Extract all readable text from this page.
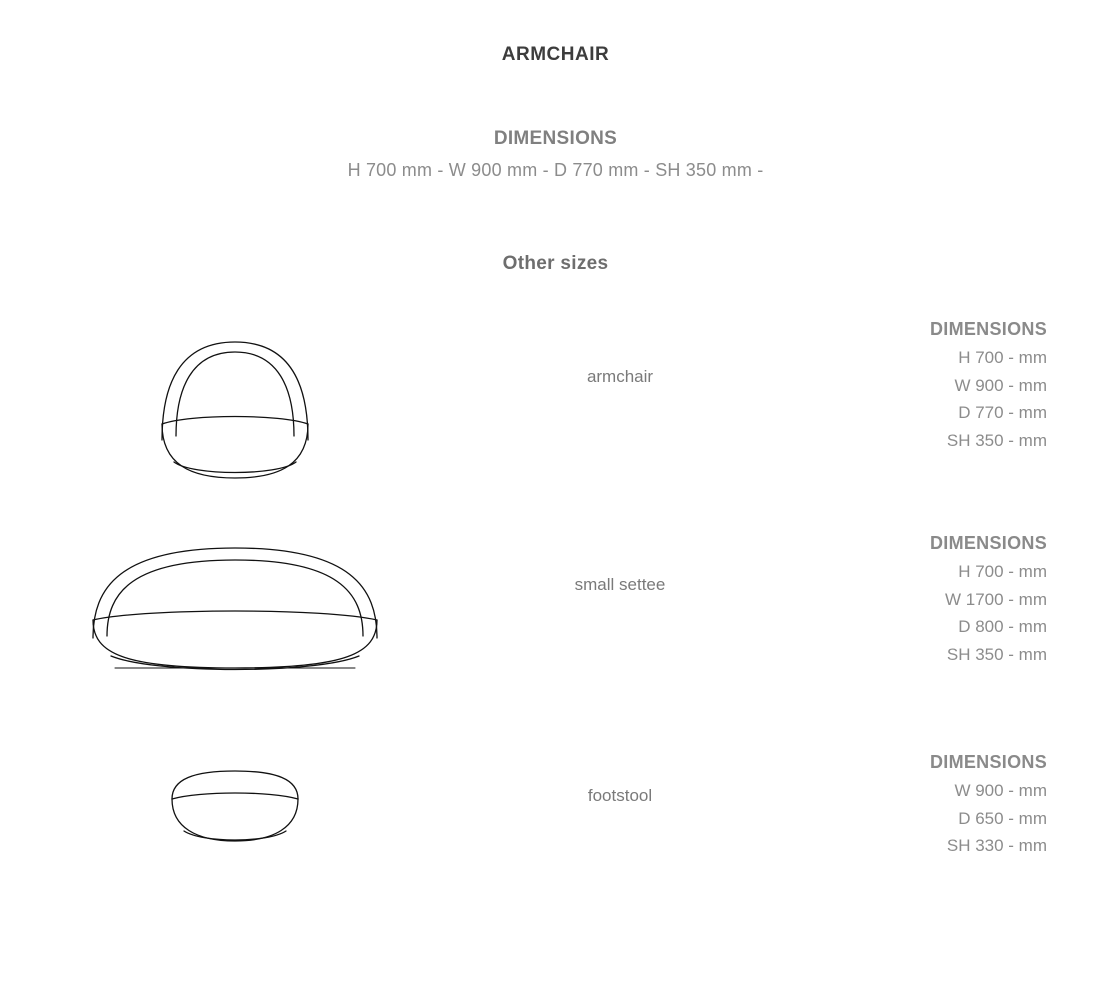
ARMCHAIR
DIMENSIONS
H 700 mm - W 900 mm - D 770 mm - SH 350 mm -
Other sizes
armchair
DIMENSIONS
H 700 - mm
W 900 - mm
D 770 - mm
SH 350 - mm
small settee
DIMENSIONS
H 700 - mm
W 1700 - mm
D 800 - mm
SH 350 - mm
footstool
DIMENSIONS
W 900 - mm
D 650 - mm
SH 330 - mm
